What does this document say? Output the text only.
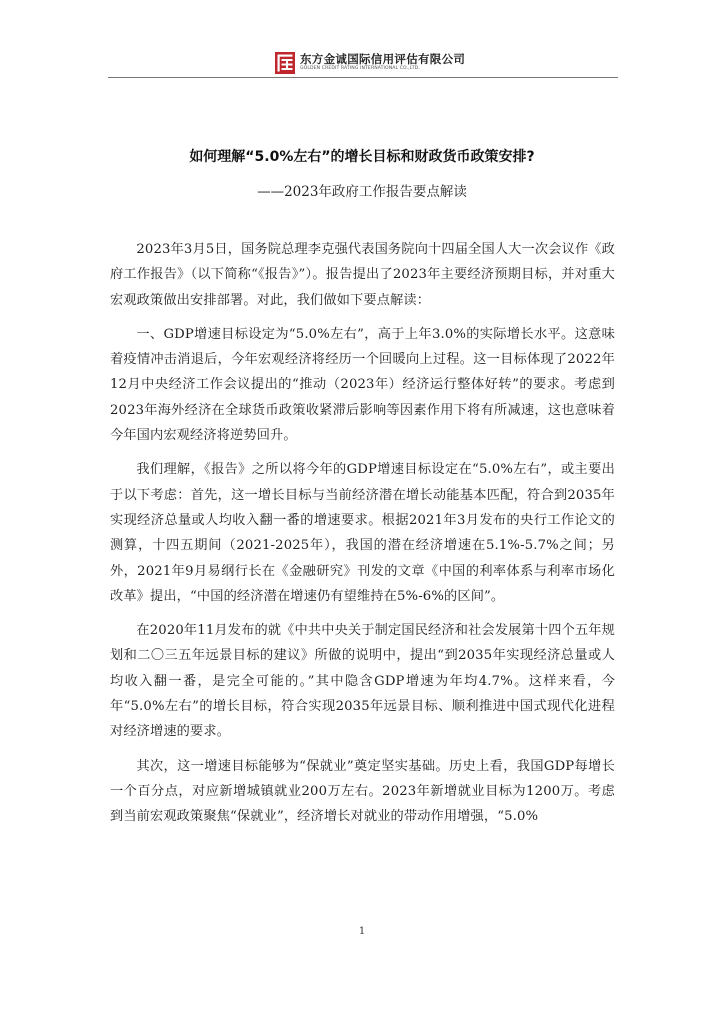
东方金诚国际信用评估有限公司
GOLDEN CREDIT RATING INTERNATIONAL CO.,LTD.
如何理解“5.0%左右”的增长目标和财政货币政策安排?
——2023年政府工作报告要点解读

2023年3月5日，国务院总理李克强代表国务院向十四届全国人大一次会议作《政府工作报告》（以下简称“《报告》”）。报告提出了2023年主要经济预期目标，并对重大宏观政策做出安排部署。对此，我们做如下要点解读：

一、GDP增速目标设定为“5.0%左右”，高于上年3.0%的实际增长水平。这意味着疫情冲击消退后，今年宏观经济将经历一个回暖向上过程。这一目标体现了2022年12月中央经济工作会议提出的“推动（2023年）经济运行整体好转”的要求。考虑到2023年海外经济在全球货币政策收紧滞后影响等因素作用下将有所减速，这也意味着今年国内宏观经济将逆势回升。

我们理解，《报告》之所以将今年的GDP增速目标设定在“5.0%左右”，或主要出于以下考虑：首先，这一增长目标与当前经济潜在增长动能基本匹配，符合到2035年实现经济总量或人均收入翻一番的增速要求。根据2021年3月发布的央行工作论文的测算，十四五期间（2021-2025年），我国的潜在经济增速在5.1%-5.7%之间；另外，2021年9月易纲行长在《金融研究》刊发的文章《中国的利率体系与利率市场化改革》提出，“中国的经济潜在增速仍有望维持在5%-6%的区间”。

在2020年11月发布的就《中共中央关于制定国民经济和社会发展第十四个五年规划和二〇三五年远景目标的建议》所做的说明中，提出“到2035年实现经济总量或人均收入翻一番，是完全可能的。”其中隐含GDP增速为年均4.7%。这样来看，今年“5.0%左右”的增长目标，符合实现2035年远景目标、顺利推进中国式现代化进程对经济增速的要求。

其次，这一增速目标能够为“保就业”奠定坚实基础。历史上看，我国GDP每增长一个百分点，对应新增城镇就业200万左右。2023年新增就业目标为1200万。考虑到当前宏观政策聚焦“保就业”，经济增长对就业的带动作用增强，“5.0%

1
